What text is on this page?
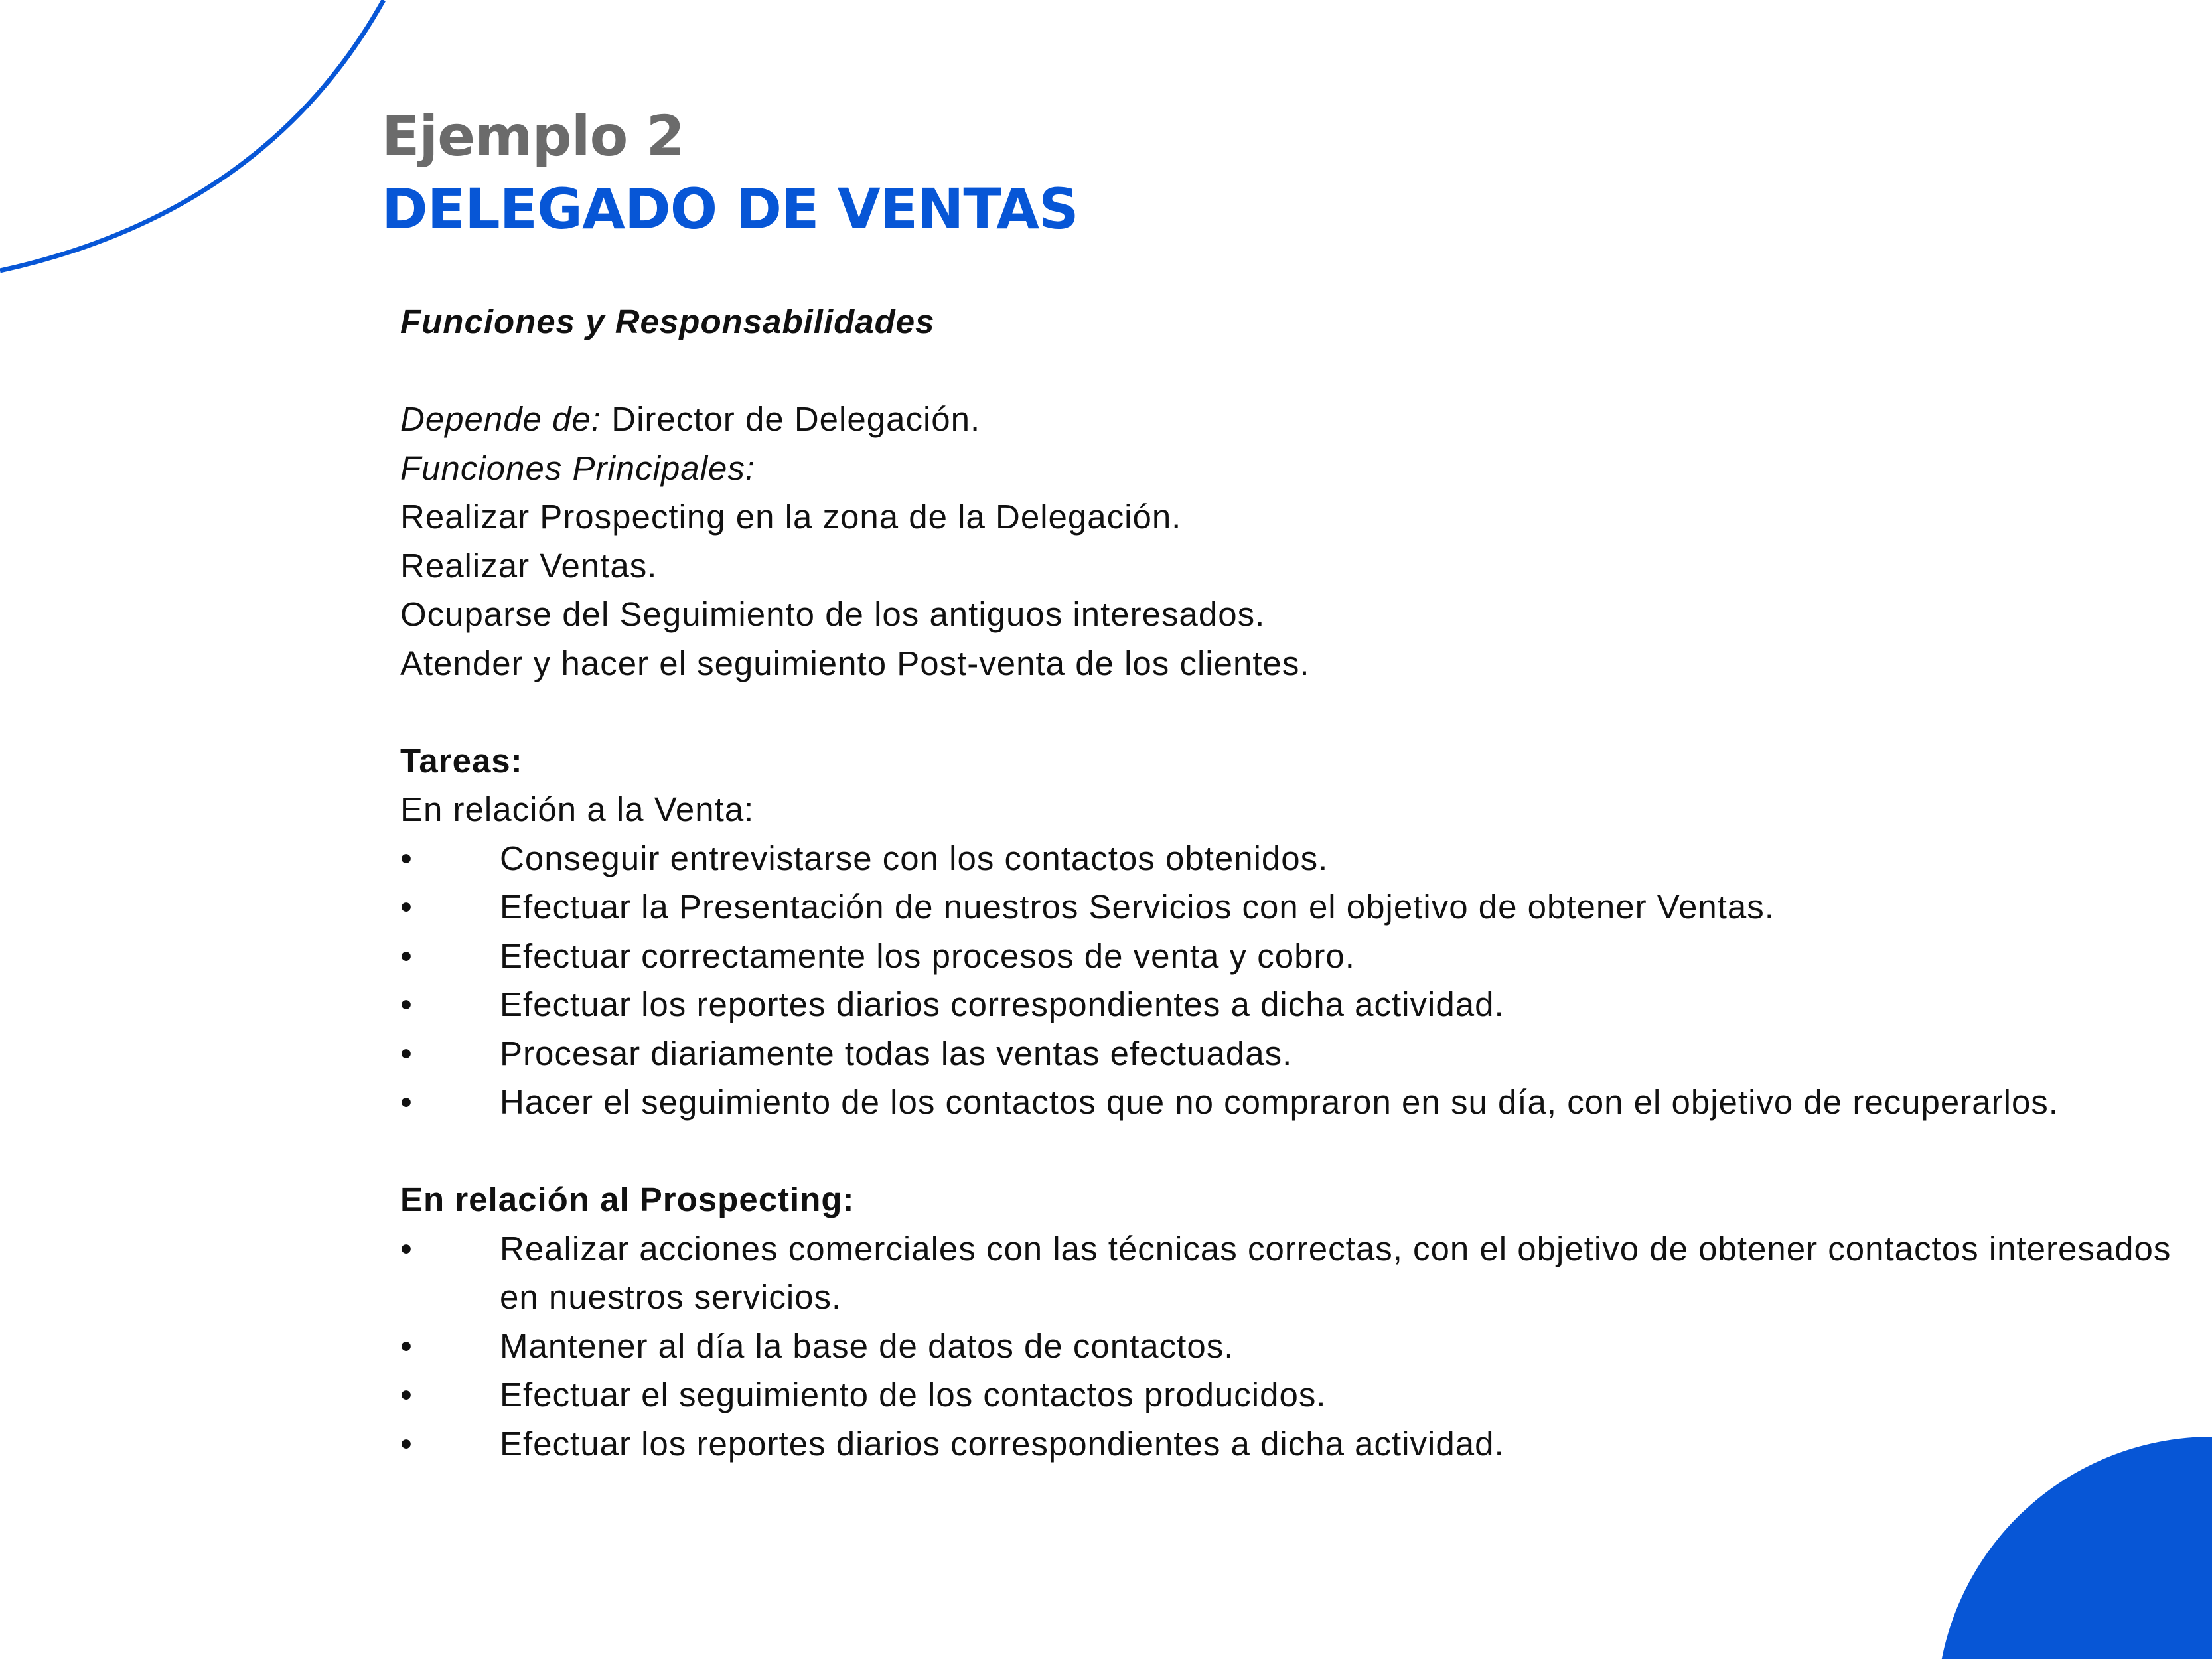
Ejemplo 2
DELEGADO DE VENTAS

Funciones y Responsabilidades

Depende de: Director de Delegación.

Funciones Principales:

Realizar Prospecting en la zona de la Delegación.

Realizar Ventas.

Ocuparse del Seguimiento de los antiguos interesados.

Atender y hacer el seguimiento Post-venta de los clientes.

Tareas:

En relación a la Venta:

•	Conseguir entrevistarse con los contactos obtenidos.
•	Efectuar la Presentación de nuestros Servicios con el objetivo de obtener Ventas.
•	Efectuar correctamente los procesos de venta y cobro.
•	Efectuar los reportes diarios correspondientes a dicha actividad.
•	Procesar diariamente todas las ventas efectuadas.
•	Hacer el seguimiento de los contactos que no compraron en su día, con el objetivo de recuperarlos.

En relación al Prospecting:

•	Realizar acciones comerciales con las técnicas correctas, con el objetivo de obtener contactos interesados en nuestros servicios.
•	Mantener al día la base de datos de contactos.
•	Efectuar el seguimiento de los contactos producidos.
•	Efectuar los reportes diarios correspondientes a dicha actividad.
